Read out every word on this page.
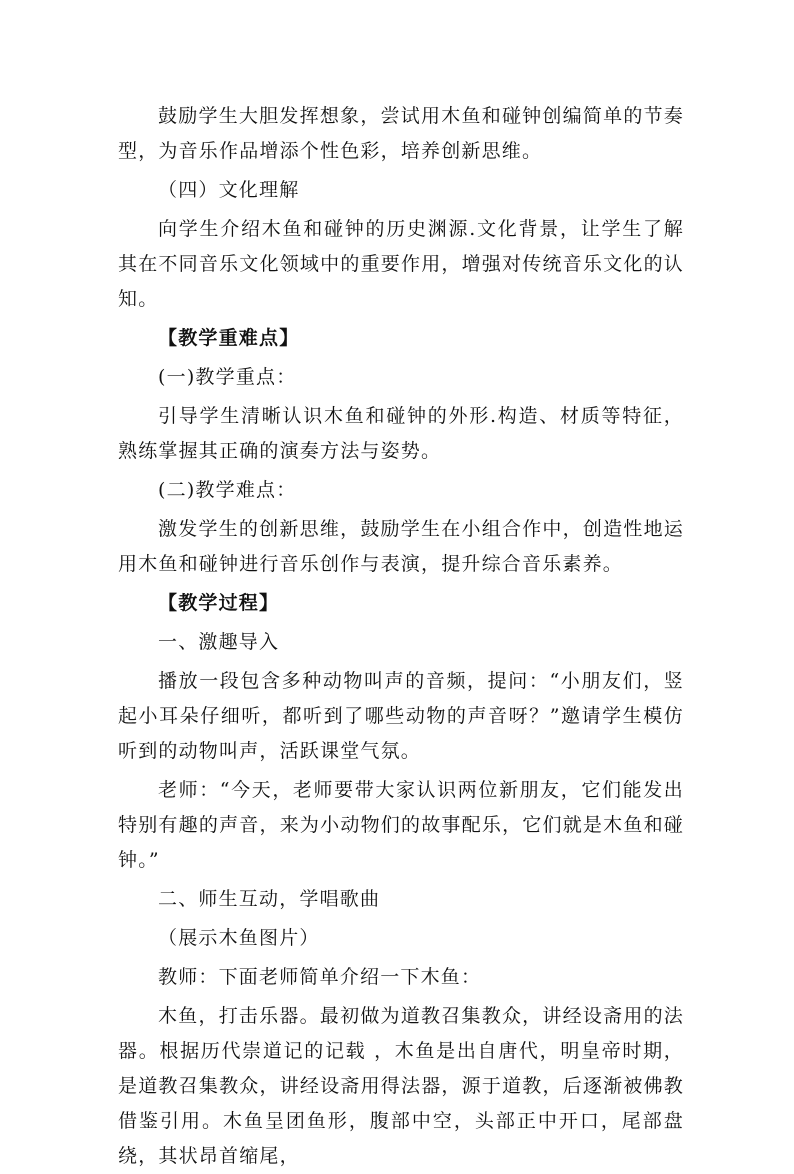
鼓励学生大胆发挥想象，尝试用木鱼和碰钟创编简单的节奏型，为音乐作品增添个性色彩，培养创新思维。

（四）文化理解

向学生介绍木鱼和碰钟的历史渊源.文化背景，让学生了解其在不同音乐文化领域中的重要作用，增强对传统音乐文化的认知。

【教学重难点】

(一)教学重点：

引导学生清晰认识木鱼和碰钟的外形.构造、材质等特征，熟练掌握其正确的演奏方法与姿势。

(二)教学难点：

激发学生的创新思维，鼓励学生在小组合作中，创造性地运用木鱼和碰钟进行音乐创作与表演，提升综合音乐素养。

【教学过程】

一、激趣导入

播放一段包含多种动物叫声的音频，提问：“小朋友们，竖起小耳朵仔细听，都听到了哪些动物的声音呀？”邀请学生模仿听到的动物叫声，活跃课堂气氛。

老师：“今天，老师要带大家认识两位新朋友，它们能发出特别有趣的声音，来为小动物们的故事配乐，它们就是木鱼和碰钟。”

二、师生互动，学唱歌曲

（展示木鱼图片）

教师：下面老师简单介绍一下木鱼：

木鱼，打击乐器。最初做为道教召集教众，讲经设斋用的法器。根据历代崇道记的记载 ，木鱼是出自唐代，明皇帝时期，是道教召集教众，讲经设斋用得法器，源于道教，后逐渐被佛教借鉴引用。木鱼呈团鱼形，腹部中空，头部正中开口，尾部盘绕，其状昂首缩尾，
